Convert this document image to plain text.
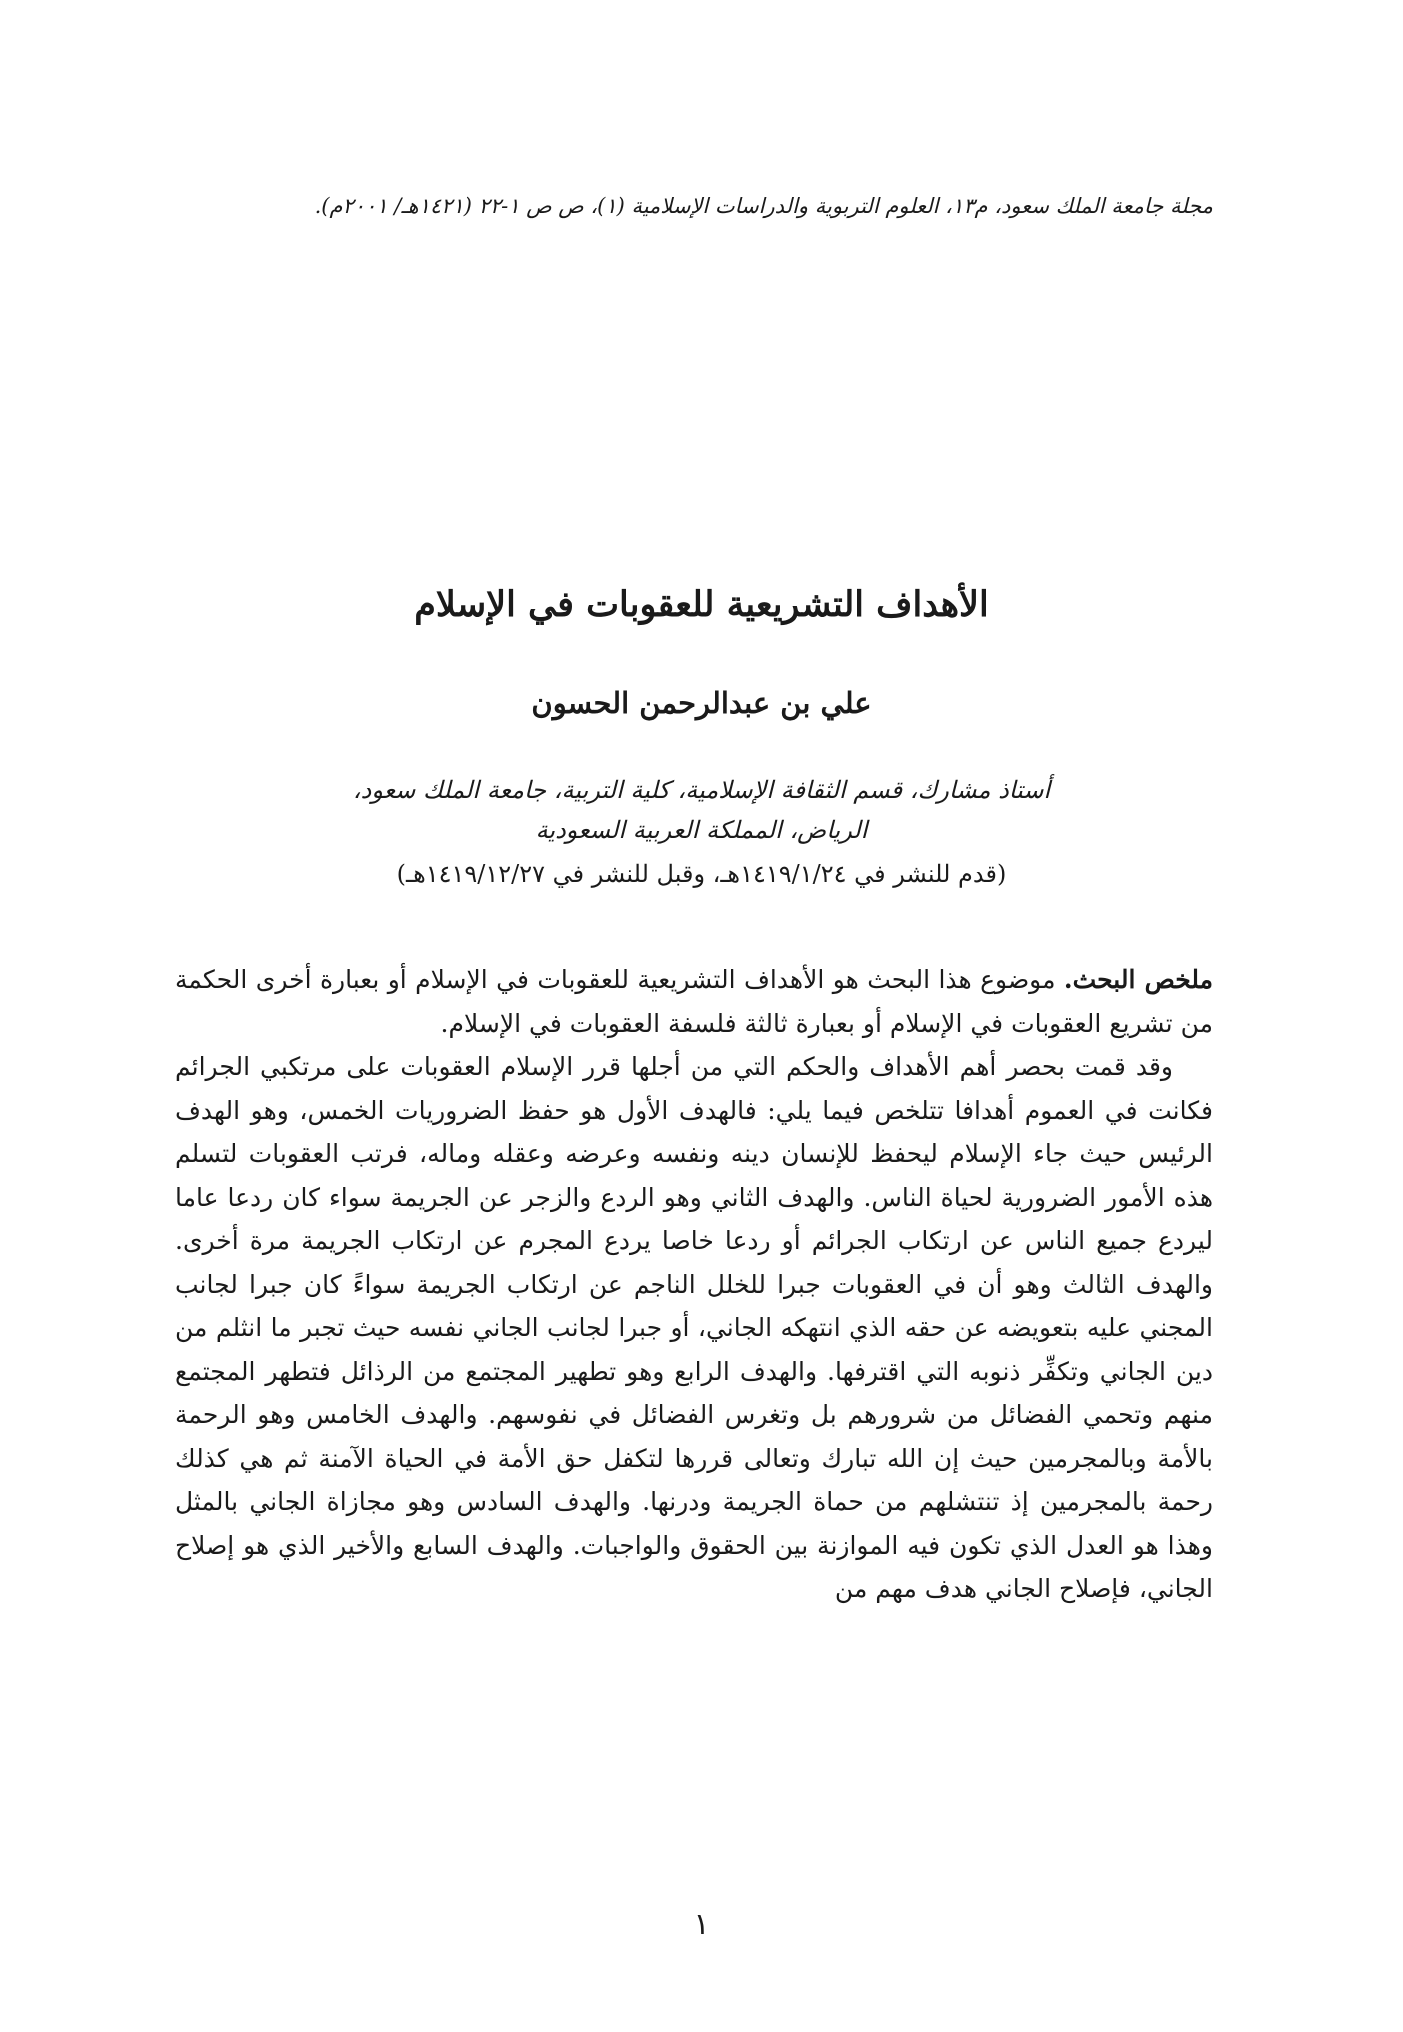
مجلة جامعة الملك سعود، م١٣، العلوم التربوية والدراسات الإسلامية (١)، ص ص ١-٢٢ (١٤٢١هـ/ ٢٠٠١م).
الأهداف التشريعية للعقوبات في الإسلام
علي بن عبدالرحمن الحسون
أستاذ مشارك، قسم الثقافة الإسلامية، كلية التربية، جامعة الملك سعود،
الرياض، المملكة العربية السعودية
(قدم للنشر في ١٤١٩/١/٢٤هـ، وقبل للنشر في ١٤١٩/١٢/٢٧هـ)

ملخص البحث. موضوع هذا البحث هو الأهداف التشريعية للعقوبات في الإسلام أو بعبارة أخرى الحكمة من تشريع العقوبات في الإسلام أو بعبارة ثالثة فلسفة العقوبات في الإسلام.

وقد قمت بحصر أهم الأهداف والحكم التي من أجلها قرر الإسلام العقوبات على مرتكبي الجرائم فكانت في العموم أهدافا تتلخص فيما يلي: فالهدف الأول هو حفظ الضروريات الخمس، وهو الهدف الرئيس حيث جاء الإسلام ليحفظ للإنسان دينه ونفسه وعرضه وعقله وماله، فرتب العقوبات لتسلم هذه الأمور الضرورية لحياة الناس. والهدف الثاني وهو الردع والزجر عن الجريمة سواء كان ردعا عاما ليردع جميع الناس عن ارتكاب الجرائم أو ردعا خاصا يردع المجرم عن ارتكاب الجريمة مرة أخرى. والهدف الثالث وهو أن في العقوبات جبرا للخلل الناجم عن ارتكاب الجريمة سواءً كان جبرا لجانب المجني عليه بتعويضه عن حقه الذي انتهكه الجاني، أو جبرا لجانب الجاني نفسه حيث تجبر ما انثلم من دين الجاني وتكفِّر ذنوبه التي اقترفها. والهدف الرابع وهو تطهير المجتمع من الرذائل فتطهر المجتمع منهم وتحمي الفضائل من شرورهم بل وتغرس الفضائل في نفوسهم. والهدف الخامس وهو الرحمة بالأمة وبالمجرمين حيث إن الله تبارك وتعالى قررها لتكفل حق الأمة في الحياة الآمنة ثم هي كذلك رحمة بالمجرمين إذ تنتشلهم من حماة الجريمة ودرنها. والهدف السادس وهو مجازاة الجاني بالمثل وهذا هو العدل الذي تكون فيه الموازنة بين الحقوق والواجبات. والهدف السابع والأخير الذي هو إصلاح الجاني، فإصلاح الجاني هدف مهم من

١
